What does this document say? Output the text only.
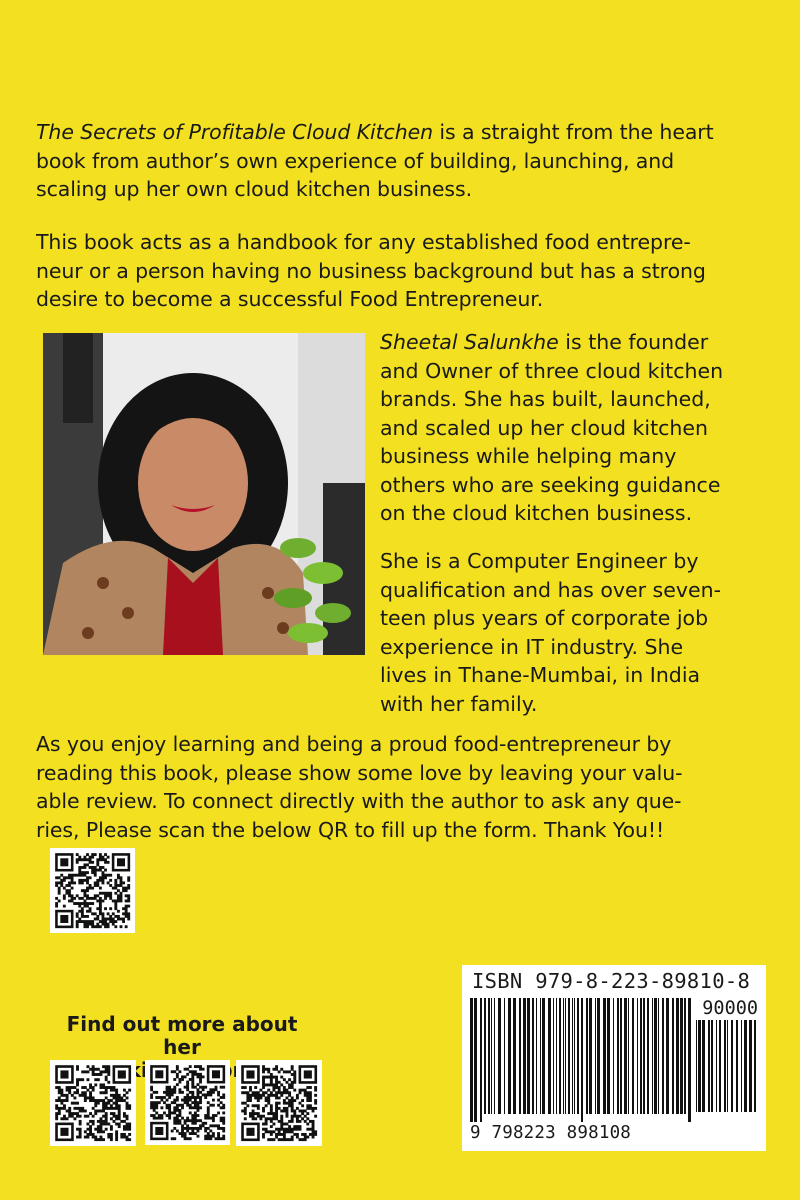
The Secrets of Profitable Cloud Kitchen is a straight from the heart
book from author’s own experience of building, launching, and
scaling up her own cloud kitchen business.

This book acts as a handbook for any established food entrepre-
neur or a person having no business background but has a strong
desire to become a successful Food Entrepreneur.

Sheetal Salunkhe is the founder
and Owner of three cloud kitchen
brands. She has built, launched,
and scaled up her cloud kitchen
business while helping many
others who are seeking guidance
on the cloud kitchen business.

She is a Computer Engineer by
qualification and has over seven-
teen plus years of corporate job
experience in IT industry. She
lives in Thane-Mumbai, in India
with her family.

As you enjoy learning and being a proud food-entrepreneur by
reading this book, please show some love by leaving your valu-
able review. To connect directly with the author to ask any que-
ries, Please scan the below QR to fill up the form. Thank You!!

Find out more about her

ISBN 979-8-223-89810-8
90000
9 798223 898108
